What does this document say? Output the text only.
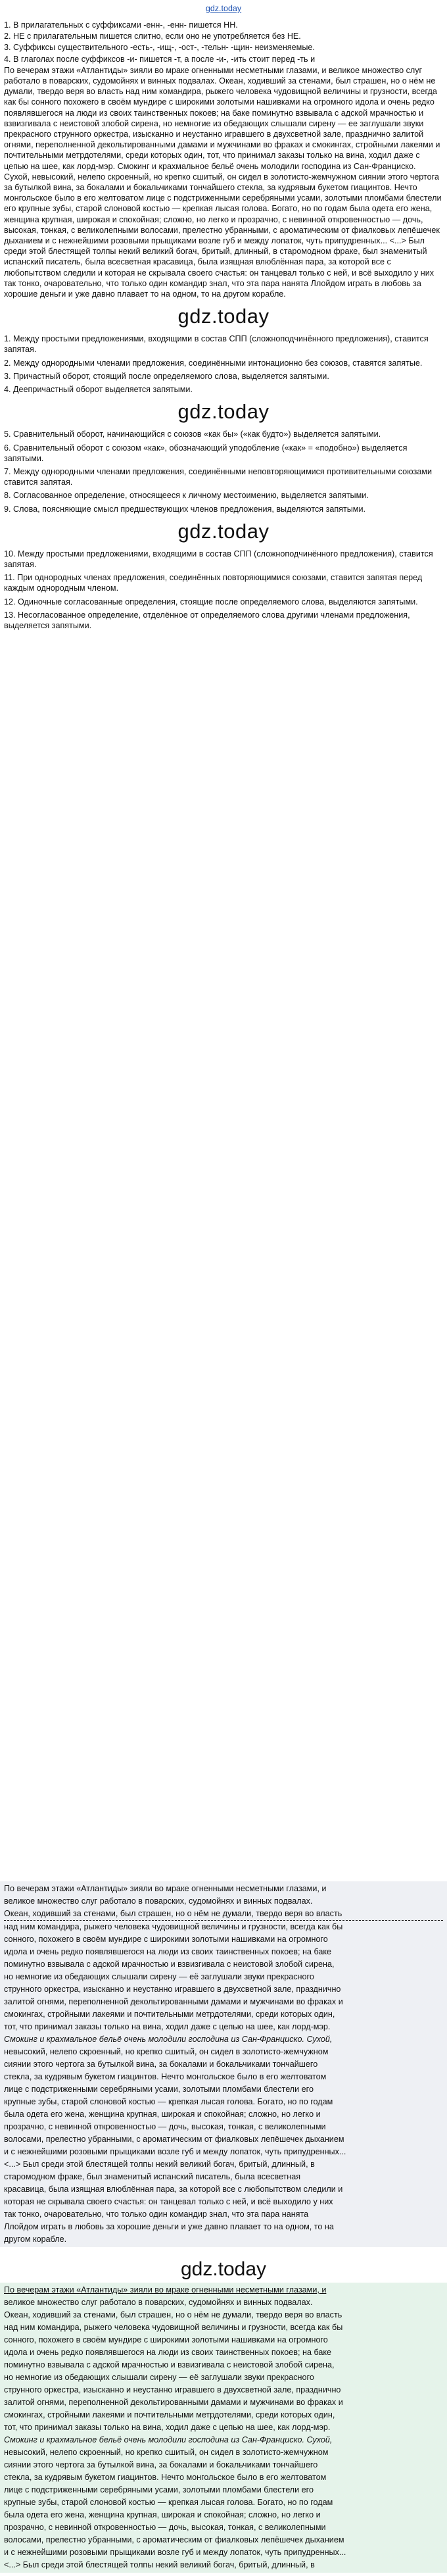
gdz.today

1. В прилагательных с суффиксами -енн-, -енн- пишется НН.

2. НЕ с прилагательным пишется слитно, если оно не употребляется без НЕ.

3. Суффиксы существительного -есть-, -ищ-, -ост-, -тельн- -щин- неизменяемые.

4. В глаголах после суффиксов -и- пишется -т, а после -и-, -ить стоит перед -ть и

По вечерам этажи «Атлантиды» зияли во мраке огненными несметными глазами, и великое множество слуг работало в поварских, судомойнях и винных подвалах. Океан, ходивший за стенами, был страшен, но о нём не думали, твердо веря во власть над ним командира, рыжего человека чудовищной величины и грузности, всегда как бы сонного похожего в своём мундире с широкими золотыми нашивками на огромного идола и очень редко появлявшегося на люди из своих таинственных покоев; на баке поминутно взвывала с адской мрачностью и взвизгивала с неистовой злобой сирена, но немногие из обедающих слышали сирену — ее заглушали звуки прекрасного струнного оркестра, изысканно и неустанно игравшего в двухсветной зале, празднично залитой огнями, переполненной декольтированными дамами и мужчинами во фраках и смокингах, стройными лакеями и почтительными метрдотелями, среди которых один, тот, что принимал заказы только на вина, ходил даже с цепью на шее, как лорд-мэр. Смокинг и крахмальное бельё очень молодили господина из Сан-Франциско. Сухой, невысокий, нелепо скроенный, но крепко сшитый, он сидел в золотисто-жемчужном сиянии этого чертога за бутылкой вина, за бокалами и бокальчиками тончайшего стекла, за кудрявым букетом гиацинтов. Нечто монгольское было в его желтоватом лице с подстриженными серебряными усами, золотыми пломбами блестели его крупные зубы, старой слоновой костью — крепкая лысая голова. Богато, но по годам была одета его жена, женщина крупная, широкая и спокойная; сложно, но легко и прозрачно, с невинной откровенностью — дочь, высокая, тонкая, с великолепными волосами, прелестно убранными, с ароматическим от фиалковых лепёшечек дыханием и с нежнейшими розовыми прыщиками возле губ и между лопаток, чуть припудренных... <...> Был среди этой блестящей толпы некий великий богач, бритый, длинный, в старомодном фраке, был знаменитый испанский писатель, была всесветная красавица, была изящная влюблённая пара, за которой все с любопытством следили и которая не скрывала своего счастья: он танцевал только с ней, и всё выходило у них так тонко, очаровательно, что только один командир знал, что эта пара нанята Ллойдом играть в любовь за хорошие деньги и уже давно плавает то на одном, то на другом корабле.

gdz.today

1. Между простыми предложениями, входящими в состав СПП (сложноподчинённого предложения), ставится запятая.

2. Между однородными членами предложения, соединёнными интонационно без союзов, ставятся запятые.

3. Причастный оборот, стоящий после определяемого слова, выделяется запятыми.

4. Деепричастный оборот выделяется запятыми.

gdz.today

5. Сравнительный оборот, начинающийся с союзов «как бы» («как будто») выделяется запятыми.

6. Сравнительный оборот с союзом «как», обозначающий уподобление («как» = «подобно») выделяется запятыми.

7. Между однородными членами предложения, соединёнными неповторяющимися противительными союзами ставится запятая.

8. Согласованное определение, относящееся к личному местоимению, выделяется запятыми.

9. Слова, поясняющие смысл предшествующих членов предложения, выделяются запятыми.

gdz.today

10. Между простыми предложениями, входящими в состав СПП (сложноподчинённого предложения), ставится запятая.

11. При однородных членах предложения, соединённых повторяющимися союзами, ставится запятая перед каждым однородным членом.

12. Одиночные согласованные определения, стоящие после определяемого слова, выделяются запятыми.

13. Несогласованное определение, отделённое от определяемого слова другими членами предложения, выделяется запятыми.

По вечерам этажи «Атлантиды» зияли во мраке огненными несметными глазами, и
великое множество слуг работало в поварских, судомойнях и винных подвалах.
Океан, ходивший за стенами, был страшен, но о нём не думали, твердо веря во власть
над ним командира, рыжего человека чудовищной величины и грузности, всегда как бы
сонного, похожего в своём мундире с широкими золотыми нашивками на огромного
идола и очень редко появлявшегося на люди из своих таинственных покоев; на баке
поминутно взвывала с адской мрачностью и взвизгивала с неистовой злобой сирена,
но немногие из обедающих слышали сирену — её заглушали звуки прекрасного
струнного оркестра, изысканно и неустанно игравшего в двухсветной зале, празднично
залитой огнями, переполненной декольтированными дамами и мужчинами во фраках и
смокингах, стройными лакеями и почтительными метрдотелями, среди которых один,
тот, что принимал заказы только на вина, ходил даже с цепью на шее, как лорд-мэр.
Смокинг и крахмальное бельё очень молодили господина из Сан-Франциско. Сухой,
невысокий, нелепо скроенный, но крепко сшитый, он сидел в золотисто-жемчужном
сиянии этого чертога за бутылкой вина, за бокалами и бокальчиками тончайшего
стекла, за кудрявым букетом гиацинтов. Нечто монгольское было в его желтоватом
лице с подстриженными серебряными усами, золотыми пломбами блестели его
крупные зубы, старой слоновой костью — крепкая лысая голова. Богато, но по годам
была одета его жена, женщина крупная, широкая и спокойная; сложно, но легко и
прозрачно, с невинной откровенностью — дочь, высокая, тонкая, с великолепными
волосами, прелестно убранными, с ароматическим от фиалковых лепёшечек дыханием
и с нежнейшими розовыми прыщиками возле губ и между лопаток, чуть припудренных...
<...> Был среди этой блестящей толпы некий великий богач, бритый, длинный, в
старомодном фраке, был знаменитый испанский писатель, была всесветная
красавица, была изящная влюблённая пара, за которой все с любопытством следили и
которая не скрывала своего счастья: он танцевал только с ней, и всё выходило у них
так тонко, очаровательно, что только один командир знал, что эта пара нанята
Ллойдом играть в любовь за хорошие деньги и уже давно плавает то на одном, то на
другом корабле.
gdz.today
По вечерам этажи «Атлантиды» зияли во мраке огненными несметными глазами, и
великое множество слуг работало в поварских, судомойнях и винных подвалах.
Океан, ходивший за стенами, был страшен, но о нём не думали, твердо веря во власть
над ним командира, рыжего человека чудовищной величины и грузности, всегда как бы
сонного, похожего в своём мундире с широкими золотыми нашивками на огромного
идола и очень редко появлявшегося на люди из своих таинственных покоев; на баке
поминутно взвывала с адской мрачностью и взвизгивала с неистовой злобой сирена,
но немногие из обедающих слышали сирену — её заглушали звуки прекрасного
струнного оркестра, изысканно и неустанно игравшего в двухсветной зале, празднично
залитой огнями, переполненной декольтированными дамами и мужчинами во фраках и
смокингах, стройными лакеями и почтительными метрдотелями, среди которых один,
тот, что принимал заказы только на вина, ходил даже с цепью на шее, как лорд-мэр.
Смокинг и крахмальное бельё очень молодили господина из Сан-Франциско. Сухой,
невысокий, нелепо скроенный, но крепко сшитый, он сидел в золотисто-жемчужном
сиянии этого чертога за бутылкой вина, за бокалами и бокальчиками тончайшего
стекла, за кудрявым букетом гиацинтов. Нечто монгольское было в его желтоватом
лице с подстриженными серебряными усами, золотыми пломбами блестели его
крупные зубы, старой слоновой костью — крепкая лысая голова. Богато, но по годам
была одета его жена, женщина крупная, широкая и спокойная; сложно, но легко и
прозрачно, с невинной откровенностью — дочь, высокая, тонкая, с великолепными
волосами, прелестно убранными, с ароматическим от фиалковых лепёшечек дыханием
и с нежнейшими розовыми прыщиками возле губ и между лопаток, чуть припудренных...
<...> Был среди этой блестящей толпы некий великий богач, бритый, длинный, в
